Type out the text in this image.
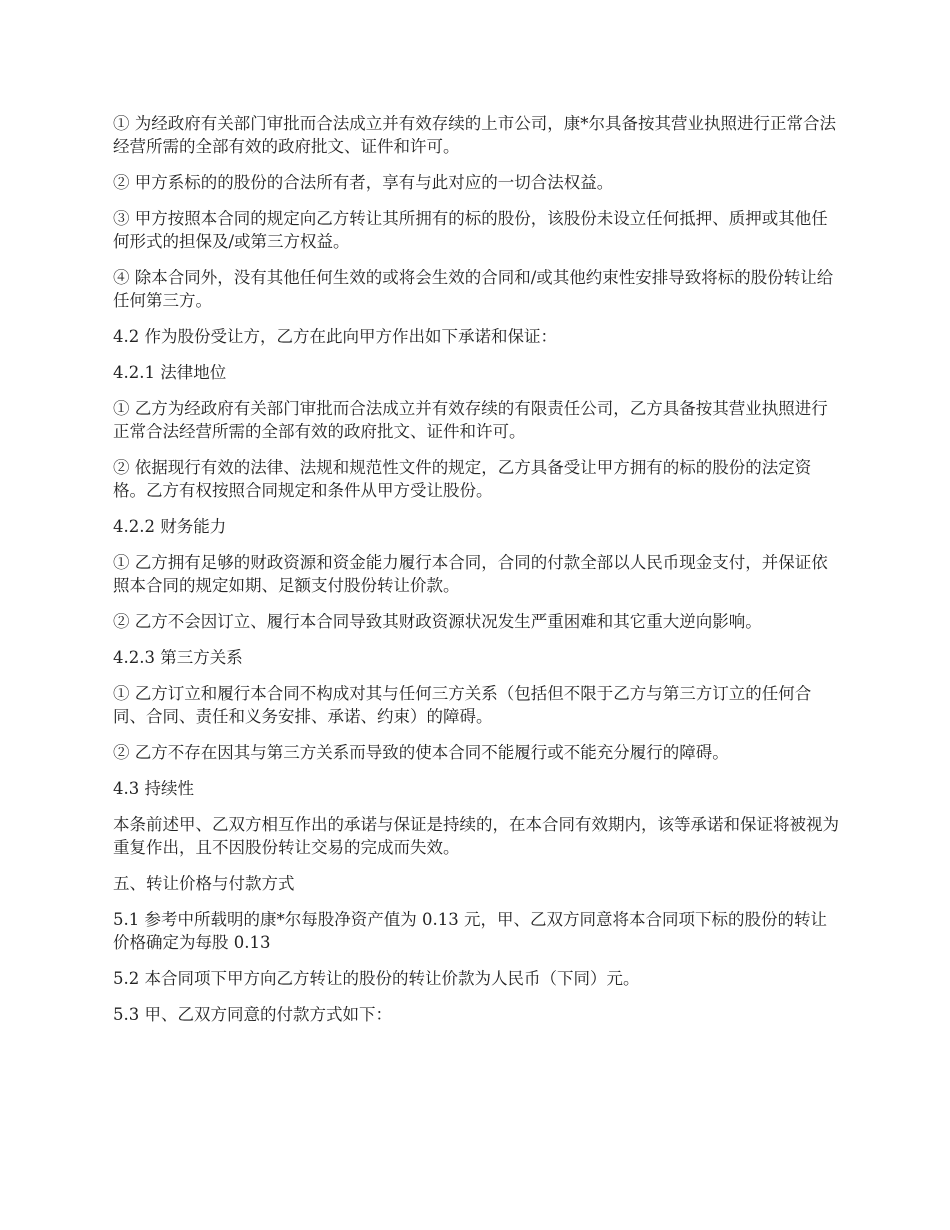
① 为经政府有关部门审批而合法成立并有效存续的上市公司，康*尔具备按其营业执照进行正常合法经营所需的全部有效的政府批文、证件和许可。

② 甲方系标的的股份的合法所有者，享有与此对应的一切合法权益。

③ 甲方按照本合同的规定向乙方转让其所拥有的标的股份，该股份未设立任何抵押、质押或其他任何形式的担保及/或第三方权益。

④ 除本合同外，没有其他任何生效的或将会生效的合同和/或其他约束性安排导致将标的股份转让给任何第三方。

4.2 作为股份受让方，乙方在此向甲方作出如下承诺和保证：

4.2.1 法律地位

① 乙方为经政府有关部门审批而合法成立并有效存续的有限责任公司，乙方具备按其营业执照进行正常合法经营所需的全部有效的政府批文、证件和许可。

② 依据现行有效的法律、法规和规范性文件的规定，乙方具备受让甲方拥有的标的股份的法定资格。乙方有权按照合同规定和条件从甲方受让股份。

4.2.2 财务能力

① 乙方拥有足够的财政资源和资金能力履行本合同，合同的付款全部以人民币现金支付，并保证依照本合同的规定如期、足额支付股份转让价款。

② 乙方不会因订立、履行本合同导致其财政资源状况发生严重困难和其它重大逆向影响。

4.2.3 第三方关系

① 乙方订立和履行本合同不构成对其与任何三方关系（包括但不限于乙方与第三方订立的任何合同、合同、责任和义务安排、承诺、约束）的障碍。

② 乙方不存在因其与第三方关系而导致的使本合同不能履行或不能充分履行的障碍。

4.3 持续性

本条前述甲、乙双方相互作出的承诺与保证是持续的，在本合同有效期内，该等承诺和保证将被视为重复作出，且不因股份转让交易的完成而失效。

五、转让价格与付款方式

5.1 参考中所载明的康*尔每股净资产值为 0.13 元，甲、乙双方同意将本合同项下标的股份的转让价格确定为每股 0.13

5.2 本合同项下甲方向乙方转让的股份的转让价款为人民币（下同）元。

5.3 甲、乙双方同意的付款方式如下：
